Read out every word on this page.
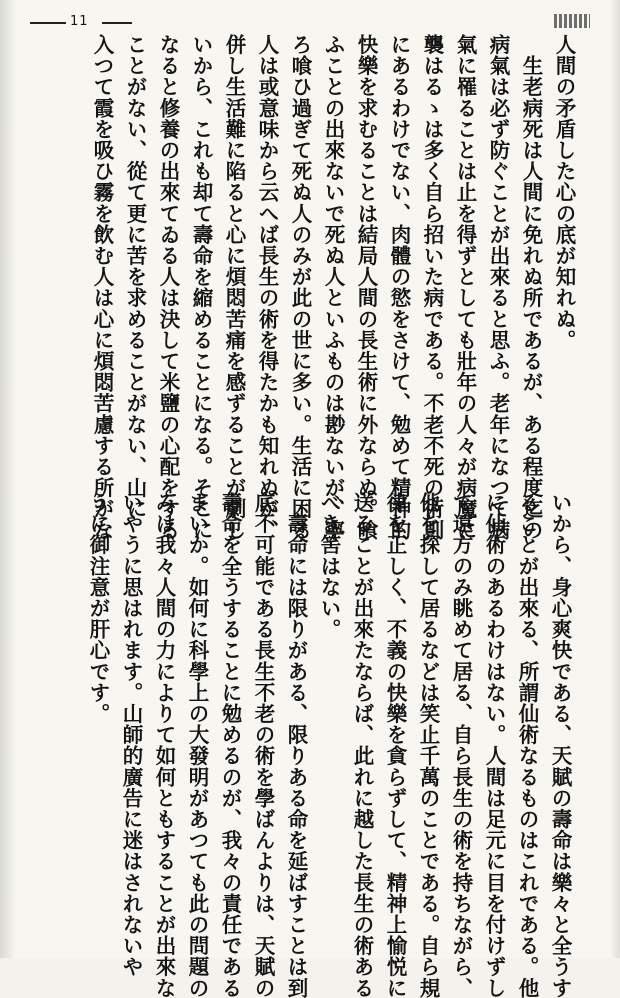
11

人間の矛盾した心の底が知れぬ。

　生老病死は人間に免れぬ所であるが、ある程度迄の

病氣は必ず防ぐことが出來ると思ふ。老年になつて病

氣に罹ることは止を得ずとしても壯年の人々が病魔に

襲はるゝは多く自ら招いた病である。不老不死の術則

にあるわけでない、肉體の慾をさけて、勉めて精神的

快樂を求むることは結局人間の長生術に外ならぬ。喰

ふことの出來ないで死ぬ人といふものは尠ないが、寧

ろ喰ひ過ぎて死ぬ人のみが此の世に多い。生活に困る

人は或意味から云へば長生の術を得たかも知れぬが、

併し生活難に陷ると心に煩悶苦痛を感ずることが劇し

いから、これも却て壽命を縮めることになる。そこに

なると修養の出來てゐる人は決して米鹽の心配をする

ことがない、從て更に苦を求めることがない、山に

入つて霞を吸ひ霧を飲む人は心に煩悶苦慮する所がな

いから、身心爽快である、天賦の壽命は樂々と全うす

ることが出來る、所謂仙術なるものはこれである。他

に仙術のあるわけはない。人間は足元に目を付けずし

て遠方のみ眺めて居る、自ら長生の術を持ちながら、

他を探して居るなどは笑止千萬のことである。自ら規

律を正しく、不義の快樂を貪らずして、精神上愉悦に

送ることが出來たならば、此れに越した長生の術ある

べき筈はない。

　壽命には限りがある、限りある命を延ばすことは到

底不可能である長生不老の術を學ばんよりは、天賦の

壽命を全うすることに勉めるのが、我々の責任である

まいか。如何に科學上の大發明があつても此の問題の

みは我々人間の力によりて如何ともすることが出來な

いやうに思はれます。山師的廣告に迷はされないや

うに御注意が肝心です。
